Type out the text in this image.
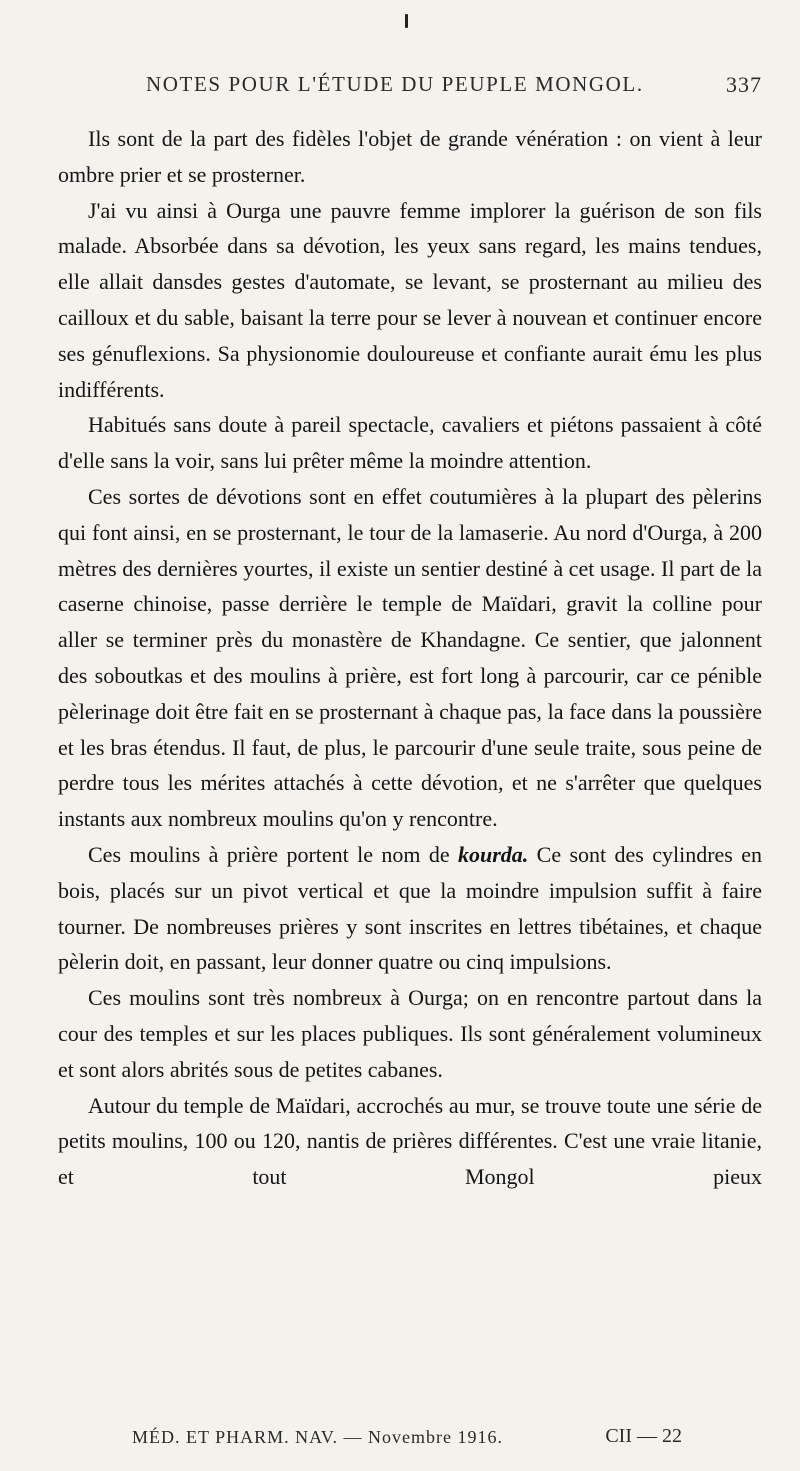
NOTES POUR L'ÉTUDE DU PEUPLE MONGOL.	337

Ils sont de la part des fidèles l'objet de grande vénération : on vient à leur ombre prier et se prosterner.

J'ai vu ainsi à Ourga une pauvre femme implorer la guérison de son fils malade. Absorbée dans sa dévotion, les yeux sans regard, les mains tendues, elle allait dansdes gestes d'automate, se levant, se prosternant au milieu des cailloux et du sable, baisant la terre pour se lever à nouvean et continuer encore ses génuflexions. Sa physionomie douloureuse et confiante aurait ému les plus indifférents.

Habitués sans doute à pareil spectacle, cavaliers et piétons passaient à côté d'elle sans la voir, sans lui prêter même la moindre attention.

Ces sortes de dévotions sont en effet coutumières à la plupart des pèlerins qui font ainsi, en se prosternant, le tour de la lamaserie. Au nord d'Ourga, à 200 mètres des dernières yourtes, il existe un sentier destiné à cet usage. Il part de la caserne chinoise, passe derrière le temple de Maïdari, gravit la colline pour aller se terminer près du monastère de Khandagne. Ce sentier, que jalonnent des soboutkas et des moulins à prière, est fort long à parcourir, car ce pénible pèlerinage doit être fait en se prosternant à chaque pas, la face dans la poussière et les bras étendus. Il faut, de plus, le parcourir d'une seule traite, sous peine de perdre tous les mérites attachés à cette dévotion, et ne s'arrêter que quelques instants aux nombreux moulins qu'on y rencontre.

Ces moulins à prière portent le nom de kourda. Ce sont des cylindres en bois, placés sur un pivot vertical et que la moindre impulsion suffit à faire tourner. De nombreuses prières y sont inscrites en lettres tibétaines, et chaque pèlerin doit, en passant, leur donner quatre ou cinq impulsions.

Ces moulins sont très nombreux à Ourga; on en rencontre partout dans la cour des temples et sur les places publiques. Ils sont généralement volumineux et sont alors abrités sous de petites cabanes.

Autour du temple de Maïdari, accrochés au mur, se trouve toute une série de petits moulins, 100 ou 120, nantis de prières différentes. C'est une vraie litanie, et tout Mongol pieux

MÉD. ET PHARM. NAV. — Novembre 1916.	CII — 22
